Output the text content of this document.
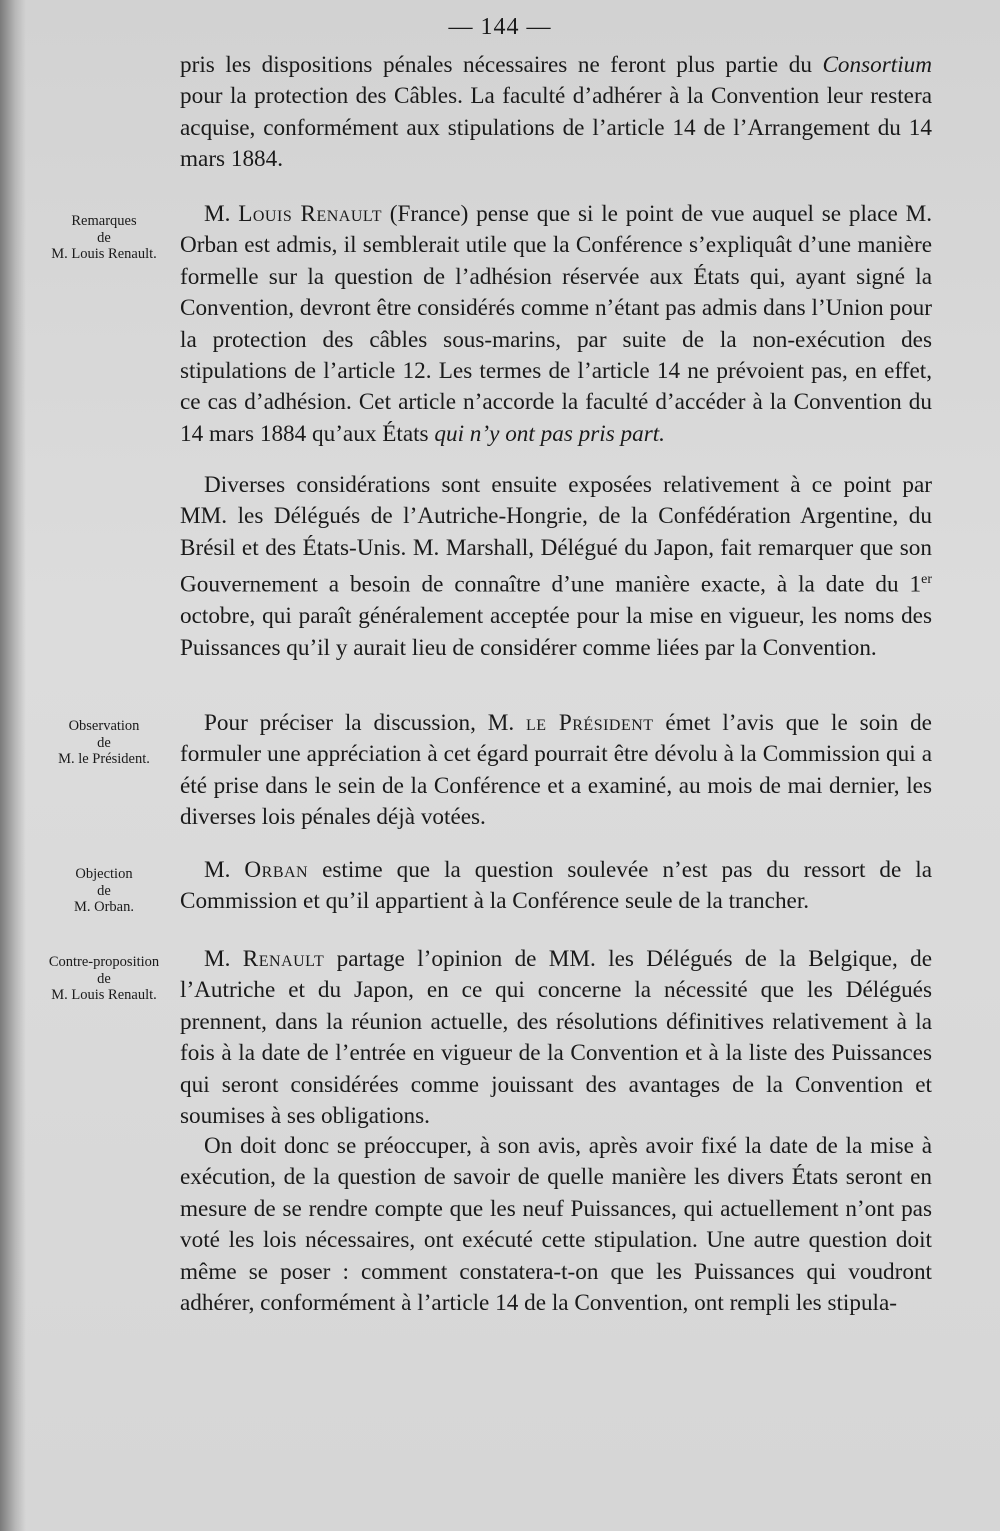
— 144 —
Remarques
de
M. Louis Renault.
Observation
de
M. le Président.
Objection
de
M. Orban.
Contre-proposition
de
M. Louis Renault.

pris les dispositions pénales nécessaires ne feront plus partie du Consortium pour la protection des Câbles. La faculté d’adhérer à la Convention leur restera acquise, conformément aux stipulations de l’article 14 de l’Arrangement du 14 mars 1884.

M. Louis Renault (France) pense que si le point de vue auquel se place M. Orban est admis, il semblerait utile que la Conférence s’expliquât d’une manière formelle sur la question de l’adhésion réservée aux États qui, ayant signé la Convention, devront être considérés comme n’étant pas admis dans l’Union pour la protection des câbles sous-marins, par suite de la non-exécution des stipulations de l’article 12. Les termes de l’article 14 ne prévoient pas, en effet, ce cas d’adhésion. Cet article n’accorde la faculté d’accéder à la Convention du 14 mars 1884 qu’aux États qui n’y ont pas pris part.

Diverses considérations sont ensuite exposées relativement à ce point par MM. les Délégués de l’Autriche-Hongrie, de la Confédération Argentine, du Brésil et des États-Unis. M. Marshall, Délégué du Japon, fait remarquer que son Gouvernement a besoin de connaître d’une manière exacte, à la date du 1er octobre, qui paraît généralement acceptée pour la mise en vigueur, les noms des Puissances qu’il y aurait lieu de considérer comme liées par la Convention.

Pour préciser la discussion, M. le Président émet l’avis que le soin de formuler une appréciation à cet égard pourrait être dévolu à la Commission qui a été prise dans le sein de la Conférence et a examiné, au mois de mai dernier, les diverses lois pénales déjà votées.

M. Orban estime que la question soulevée n’est pas du ressort de la Commission et qu’il appartient à la Conférence seule de la trancher.

M. Renault partage l’opinion de MM. les Délégués de la Belgique, de l’Autriche et du Japon, en ce qui concerne la nécessité que les Délégués prennent, dans la réunion actuelle, des résolutions définitives relativement à la fois à la date de l’entrée en vigueur de la Convention et à la liste des Puissances qui seront considérées comme jouissant des avantages de la Convention et soumises à ses obligations.

On doit donc se préoccuper, à son avis, après avoir fixé la date de la mise à exécution, de la question de savoir de quelle manière les divers États seront en mesure de se rendre compte que les neuf Puissances, qui actuellement n’ont pas voté les lois nécessaires, ont exécuté cette stipulation. Une autre question doit même se poser : comment constatera-t-on que les Puissances qui voudront adhérer, conformément à l’article 14 de la Convention, ont rempli les stipula-
